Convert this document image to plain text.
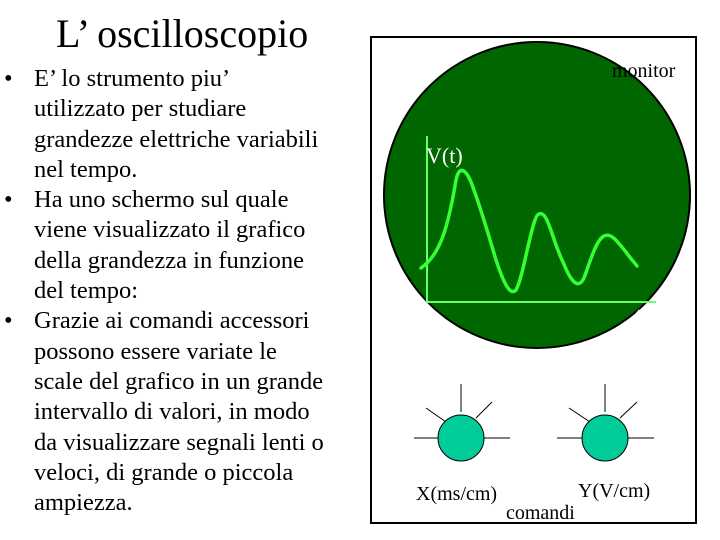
L’ oscilloscopio
• E’ lo strumento piu’
utilizzato per studiare
grandezze elettriche variabili
nel tempo.
• Ha uno schermo sul quale
viene visualizzato il grafico
della grandezza in funzione
del tempo:
• Grazie ai comandi accessori
possono essere variate le
scale del grafico in un grande
intervallo di valori, in modo
da visualizzare segnali lenti o
veloci, di grande o piccola
ampiezza.
monitor
V(t)
t
X(ms/cm)	Y(V/cm)
comandi
